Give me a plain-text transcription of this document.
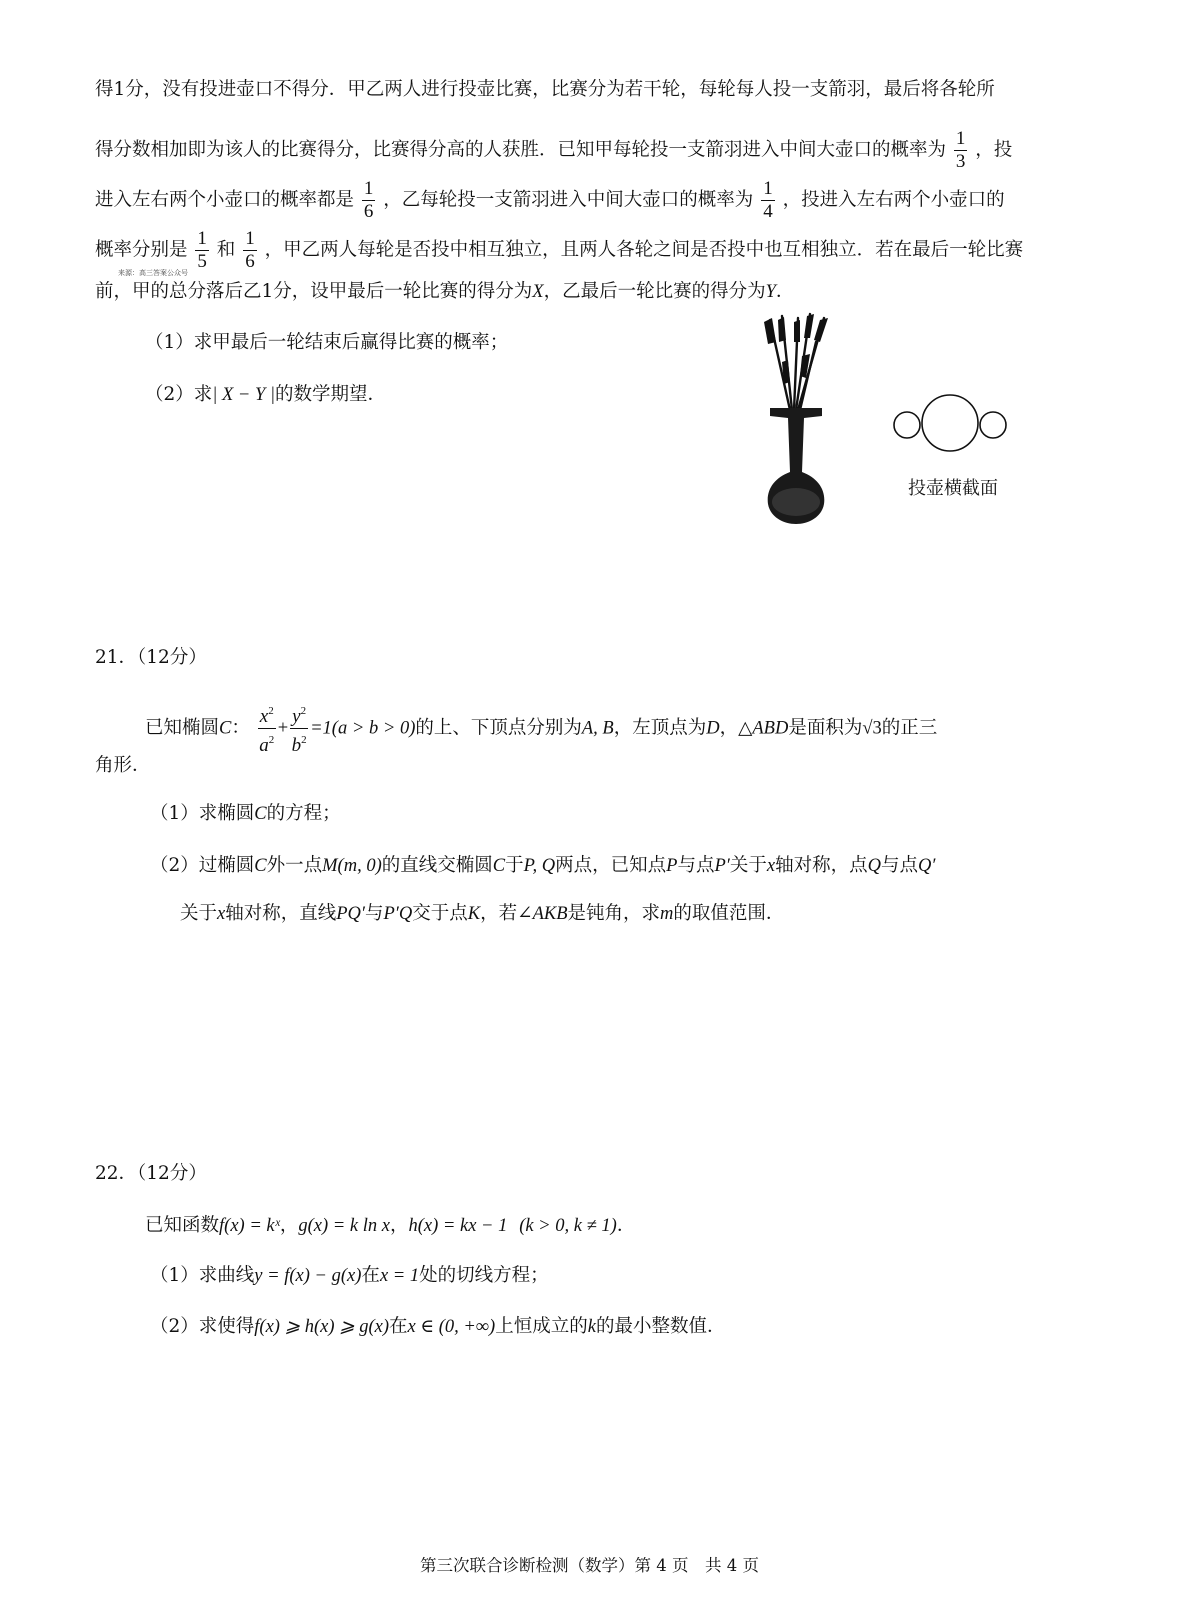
得1分，没有投进壶口不得分．甲乙两人进行投壶比赛，比赛分为若干轮，每轮每人投一支箭羽，最后将各轮所
得分数相加即为该人的比赛得分，比赛得分高的人获胜．已知甲每轮投一支箭羽进入中间大壶口的概率为 $\frac{1}{3}$ ，投
进入左右两个小壶口的概率都是 $\frac{1}{6}$ ，乙每轮投一支箭羽进入中间大壶口的概率为 $\frac{1}{4}$ ，投进入左右两个小壶口的
概率分别是 $\frac{1}{5}$ 和 $\frac{1}{6}$ ，甲乙两人每轮是否投中相互独立，且两人各轮之间是否投中也互相独立．若在最后一轮比赛
来源：高三答案公众号
前，甲的总分落后乙1分，设甲最后一轮比赛的得分为X，乙最后一轮比赛的得分为Y．
（1）求甲最后一轮结束后赢得比赛的概率；
（2）求| X − Y |的数学期望．
投壶横截面
21．（12分）
已知椭圆C： $\frac{x^2}{a^2} + \frac{y^2}{b^2} =1(a > b > 0)$的上、下顶点分别为A, B，左顶点为D，△ABD是面积为√3的正三
角形．
（1）求椭圆C的方程；
（2）过椭圆C外一点M(m, 0)的直线交椭圆C于P, Q两点，已知点P与点P′关于x轴对称，点Q与点Q′
关于x轴对称，直线PQ′与P′Q交于点K，若∠AKB是钝角，求m的取值范围．
22．（12分）
已知函数f(x) = kˣ，g(x) = k ln x，h(x) = kx − 1 (k > 0, k ≠ 1)．
（1）求曲线y = f(x) − g(x)在x = 1处的切线方程；
（2）求使得f(x) ⩾ h(x) ⩾ g(x)在x ∈ (0, +∞)上恒成立的k的最小整数值．
第三次联合诊断检测（数学）第 4 页　共 4 页
